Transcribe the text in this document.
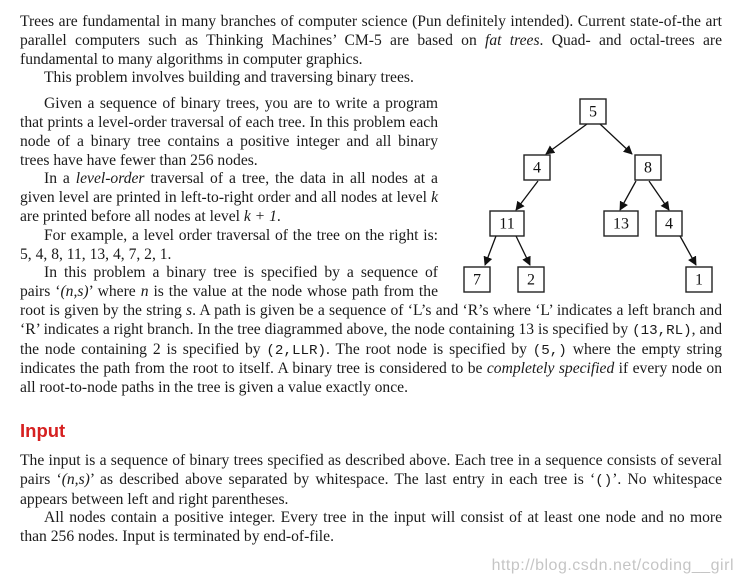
Trees are fundamental in many branches of computer science (Pun definitely intended). Current state-of-the art parallel computers such as Thinking Machines’ CM-5 are based on fat trees. Quad- and octal-trees are fundamental to many algorithms in computer graphics.

This problem involves building and traversing binary trees.

5
4	8
11	13 4
7	2	1

Given a sequence of binary trees, you are to write a program that prints a level-order traversal of each tree. In this problem each node of a binary tree contains a positive integer and all binary trees have have fewer than 256 nodes.

In a level-order traversal of a tree, the data in all nodes at a given level are printed in left-to-right order and all nodes at level k are printed before all nodes at level k + 1.

For example, a level order traversal of the tree on the right is: 5, 4, 8, 11, 13, 4, 7, 2, 1.

In this problem a binary tree is specified by a sequence of pairs ‘(n,s)’ where n is the value at the node whose path from the root is given by the string s. A path is given be a sequence of ‘L’s and ‘R’s where ‘L’ indicates a left branch and ‘R’ indicates a right branch. In the tree diagrammed above, the node containing 13 is specified by (13,RL), and the node containing 2 is specified by (2,LLR). The root node is specified by (5,) where the empty string indicates the path from the root to itself. A binary tree is considered to be completely specified if every node on all root-to-node paths in the tree is given a value exactly once.

Input

The input is a sequence of binary trees specified as described above. Each tree in a sequence consists of several pairs ‘(n,s)’ as described above separated by whitespace. The last entry in each tree is ‘()’. No whitespace appears between left and right parentheses.

All nodes contain a positive integer. Every tree in the input will consist of at least one node and no more than 256 nodes. Input is terminated by end-of-file.

http://blog.csdn.net/coding__girl
